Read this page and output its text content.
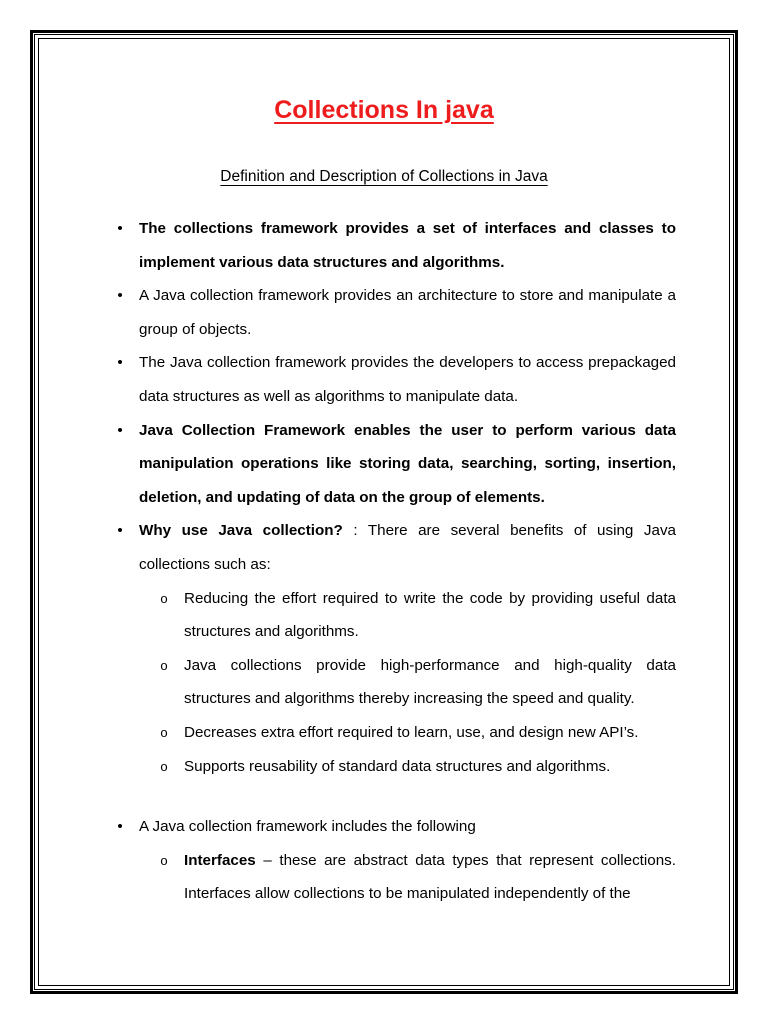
Collections In java
Definition and Description of Collections in Java
• The collections framework provides a set of interfaces and classes to implement various data structures and algorithms.
• A Java collection framework provides an architecture to store and manipulate a group of objects.
• The Java collection framework provides the developers to access prepackaged data structures as well as algorithms to manipulate data.
• Java Collection Framework enables the user to perform various data manipulation operations like storing data, searching, sorting, insertion, deletion, and updating of data on the group of elements.
• Why use Java collection? : There are several benefits of using Java collections such as:
o Reducing the effort required to write the code by providing useful data structures and algorithms.
o Java collections provide high-performance and high-quality data structures and algorithms thereby increasing the speed and quality.
o Decreases extra effort required to learn, use, and design new API’s.
o Supports reusability of standard data structures and algorithms.
• A Java collection framework includes the following
o Interfaces – these are abstract data types that represent collections. Interfaces allow collections to be manipulated independently of the
